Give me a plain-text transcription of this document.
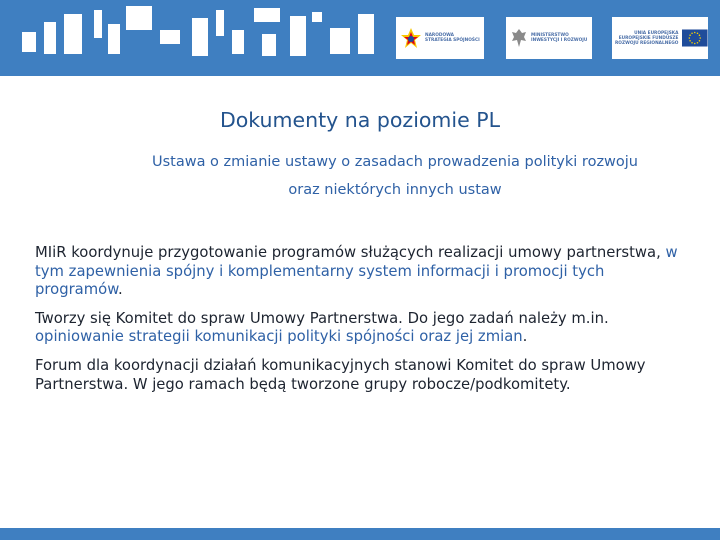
NARODOWA
STRATEGIA SPÓJNOŚCI
MINISTERSTWO
INWESTYCJI I ROZWOJU
UNIA EUROPEJSKA
EUROPEJSKIE FUNDUSZE
ROZWOJU REGIONALNEGO
Dokumenty na poziomie PL
Ustawa o zmianie ustawy o zasadach prowadzenia polityki rozwoju
oraz niektórych innych ustaw

MIiR koordynuje przygotowanie programów służących realizacji umowy partnerstwa, w tym zapewnienia spójny i komplementarny system informacji i promocji tych programów.

Tworzy się Komitet do spraw Umowy Partnerstwa. Do jego zadań należy m.in. opiniowanie strategii komunikacji polityki spójności oraz jej zmian.

Forum dla koordynacji działań komunikacyjnych stanowi Komitet do spraw Umowy Partnerstwa. W jego ramach będą tworzone grupy robocze/podkomitety.
